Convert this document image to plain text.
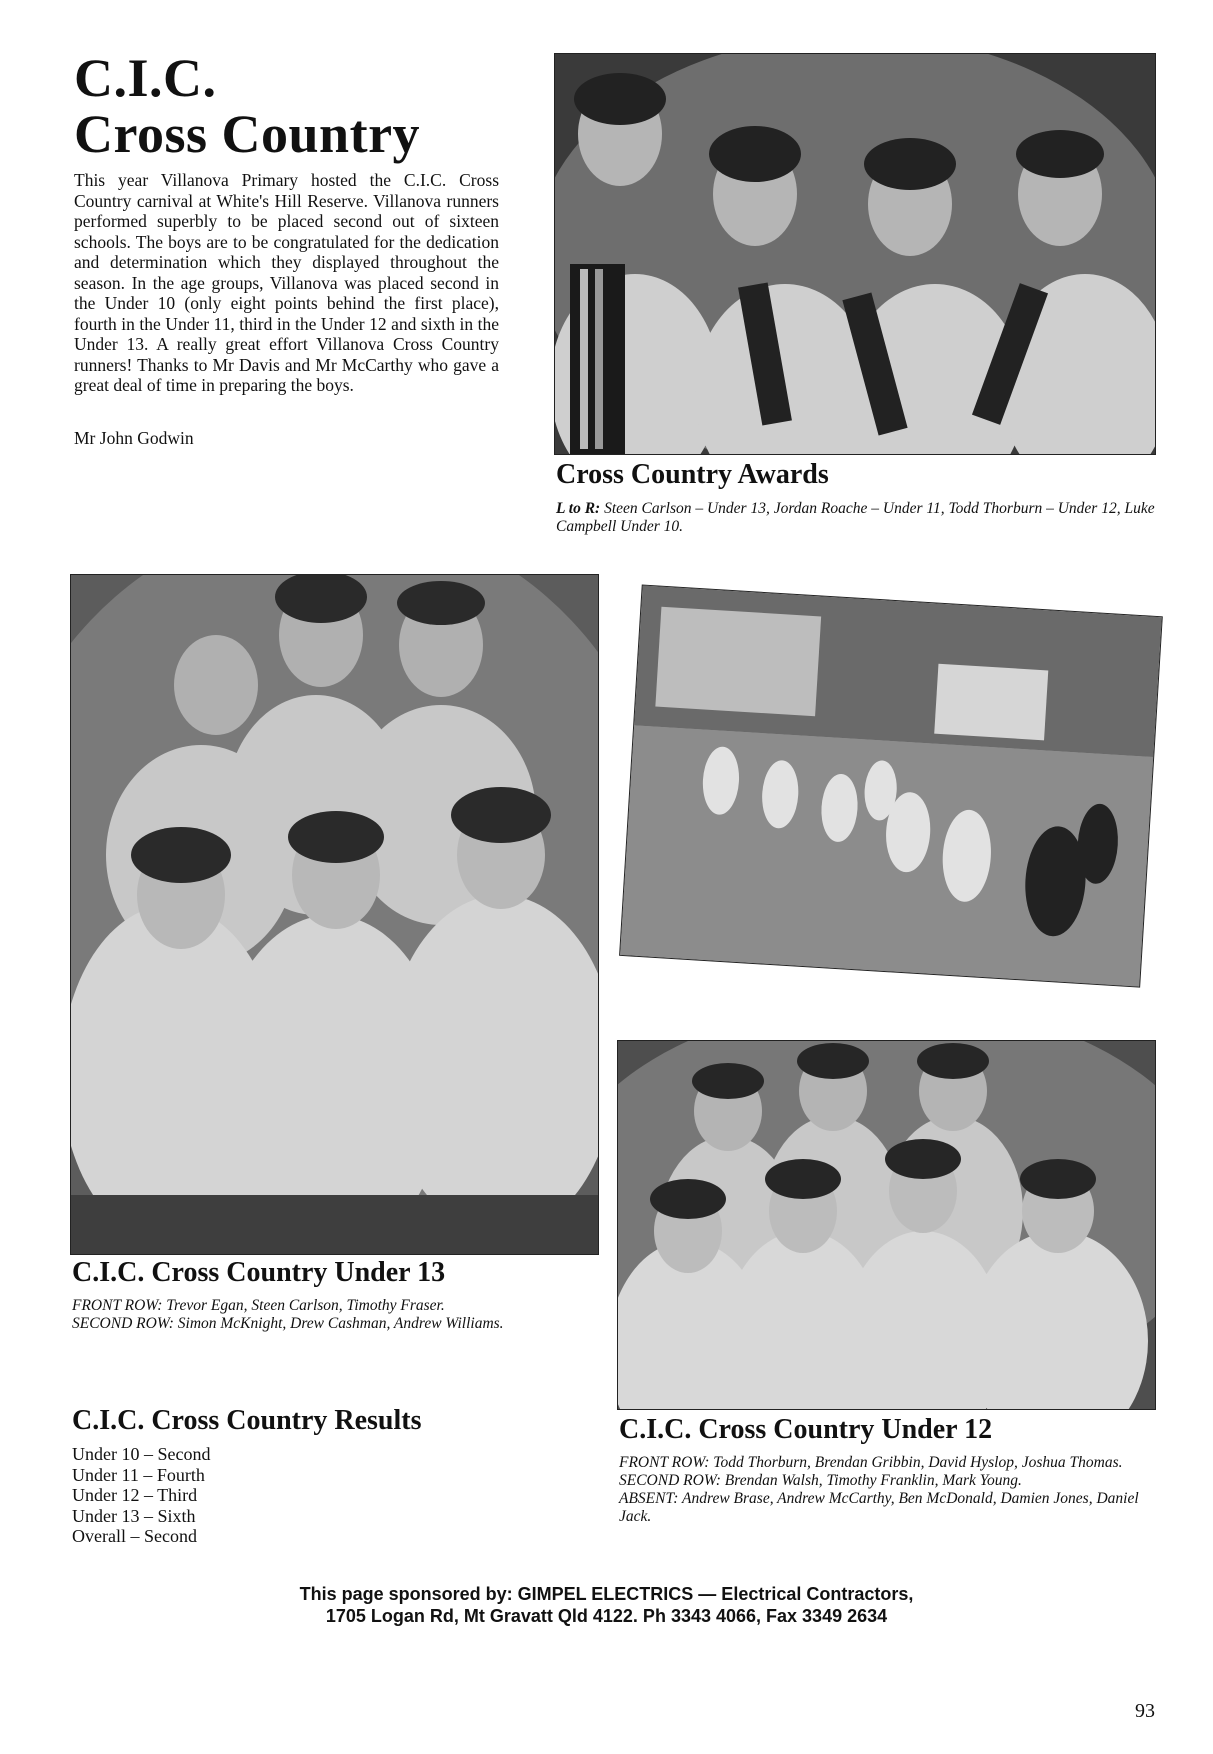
C.I.C.
Cross Country
This year Villanova Primary hosted the C.I.C. Cross Country carnival at White's Hill Reserve. Villanova runners performed superbly to be placed second out of sixteen schools. The boys are to be congratulated for the dedication and determination which they displayed throughout the season. In the age groups, Villanova was placed second in the Under 10 (only eight points behind the first place), fourth in the Under 11, third in the Under 12 and sixth in the Under 13. A really great effort Villanova Cross Country runners! Thanks to Mr Davis and Mr McCarthy who gave a great deal of time in preparing the boys.
Mr John Godwin
Cross Country Awards
L to R: Steen Carlson – Under 13, Jordan Roache – Under 11, Todd Thorburn – Under 12, Luke Campbell Under 10.
C.I.C. Cross Country Under 13
FRONT ROW: Trevor Egan, Steen Carlson, Timothy Fraser.
SECOND ROW: Simon McKnight, Drew Cashman, Andrew Williams.
C.I.C. Cross Country Under 12
FRONT ROW: Todd Thorburn, Brendan Gribbin, David Hyslop, Joshua Thomas.
SECOND ROW: Brendan Walsh, Timothy Franklin, Mark Young.
ABSENT: Andrew Brase, Andrew McCarthy, Ben McDonald, Damien Jones, Daniel Jack.
C.I.C. Cross Country Results
Under 10 – Second
Under 11 – Fourth
Under 12 – Third
Under 13 – Sixth
Overall – Second
This page sponsored by: GIMPEL ELECTRICS — Electrical Contractors,
1705 Logan Rd, Mt Gravatt Qld 4122. Ph 3343 4066, Fax 3349 2634
93
